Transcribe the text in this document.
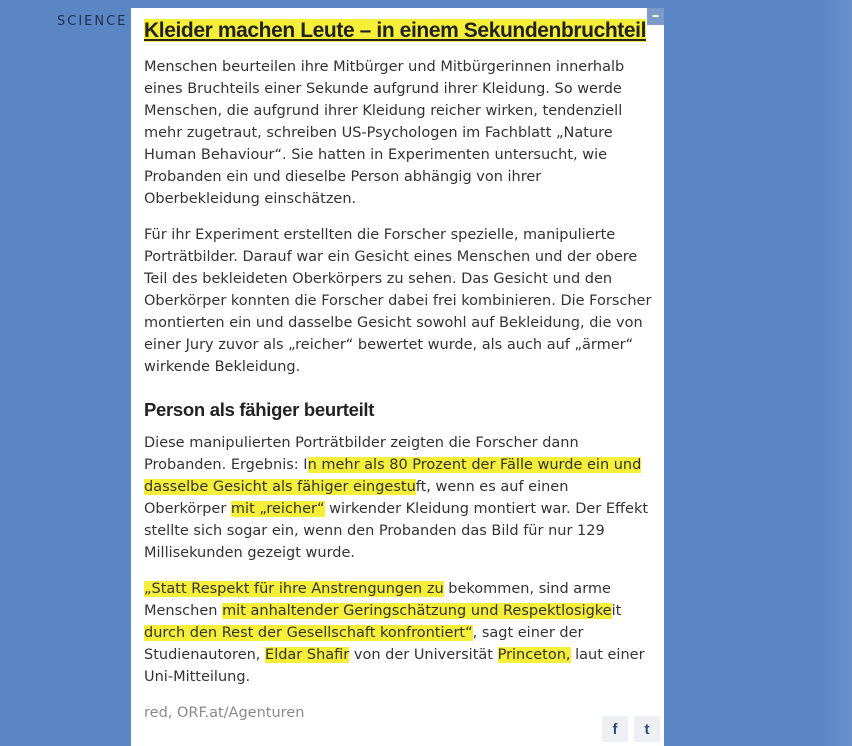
SCIENCE	–
Kleider machen Leute – in einem Sekundenbruchteil

Menschen beurteilen ihre Mitbürger und Mitbürgerinnen innerhalb eines Bruchteils einer Sekunde aufgrund ihrer Kleidung. So werde Menschen, die aufgrund ihrer Kleidung reicher wirken, tendenziell mehr zugetraut, schreiben US-Psychologen im Fachblatt „Nature Human Behaviour“. Sie hatten in Experimenten untersucht, wie Probanden ein und dieselbe Person abhängig von ihrer Oberbekleidung einschätzen.

Für ihr Experiment erstellten die Forscher spezielle, manipulierte Porträtbilder. Darauf war ein Gesicht eines Menschen und der obere Teil des bekleideten Oberkörpers zu sehen. Das Gesicht und den Oberkörper konnten die Forscher dabei frei kombinieren. Die Forscher montierten ein und dasselbe Gesicht sowohl auf Bekleidung, die von einer Jury zuvor als „reicher“ bewertet wurde, als auch auf „ärmer“ wirkende Bekleidung.

Person als fähiger beurteilt

Diese manipulierten Porträtbilder zeigten die Forscher dann Probanden. Ergebnis: In mehr als 80 Prozent der Fälle wurde ein und dasselbe Gesicht als fähiger eingestuft, wenn es auf einen Oberkörper mit „reicher“ wirkender Kleidung montiert war. Der Effekt stellte sich sogar ein, wenn den Probanden das Bild für nur 129 Millisekunden gezeigt wurde.

„Statt Respekt für ihre Anstrengungen zu bekommen, sind arme Menschen mit anhaltender Geringschätzung und Respektlosigkeit durch den Rest der Gesellschaft konfrontiert“, sagt einer der Studienautoren, Eldar Shafir von der Universität Princeton, laut einer Uni-Mitteilung.

red, ORF.at/Agenturen
f	t
